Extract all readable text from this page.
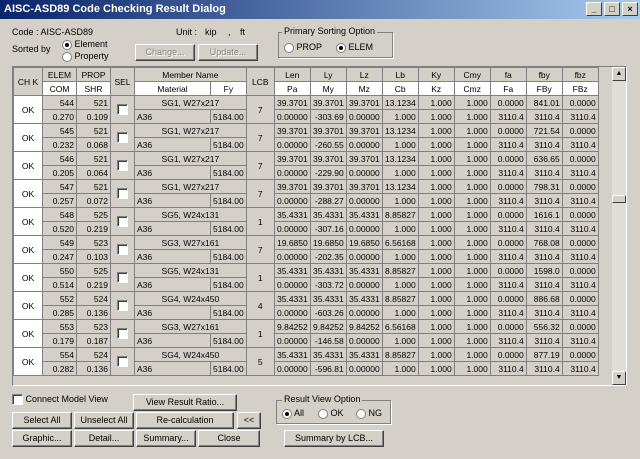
AISC-ASD89 Code Checking Result Dialog	_	□	×
Code : AISC-ASD89
Sorted by	Element
Property
Unit : kip , ft
Change...	Update...
Primary Sorting Option
PROP	ELEM
CH K	ELEM	PROP	SEL	Member Name		LCB	Len	Ly	Lz	Lb	Ky	Cmy	fa	fby	fbz
	COM	SHR		Material	Fy		Pa	My	Mz	Cb	Kz	Cmz	Fa	FBy	FBz
OK	544	521		SG1, W27x217		7	39.3701	39.3701	39.3701	13.1234	1.000	1.000	0.0000	841.01	0.0000
	0.270	0.109		A36	5184.00		0.00000	-303.69	0.00000	1.000	1.000	1.000	3110.4	3110.4	3110.4
OK	545	521		SG1, W27x217		7	39.3701	39.3701	39.3701	13.1234	1.000	1.000	0.0000	721.54	0.0000
	0.232	0.068		A36	5184.00		0.00000	-260.55	0.00000	1.000	1.000	1.000	3110.4	3110.4	3110.4
OK	546	521		SG1, W27x217		7	39.3701	39.3701	39.3701	13.1234	1.000	1.000	0.0000	636.65	0.0000
	0.205	0.064		A36	5184.00		0.00000	-229.90	0.00000	1.000	1.000	1.000	3110.4	3110.4	3110.4
OK	547	521		SG1, W27x217		7	39.3701	39.3701	39.3701	13.1234	1.000	1.000	0.0000	798.31	0.0000
	0.257	0.072		A36	5184.00		0.00000	-288.27	0.00000	1.000	1.000	1.000	3110.4	3110.4	3110.4
OK	548	525		SG5, W24x131		1	35.4331	35.4331	35.4331	8.85827	1.000	1.000	0.0000	1616.1	0.0000
	0.520	0.219		A36	5184.00		0.00000	-307.16	0.00000	1.000	1.000	1.000	3110.4	3110.4	3110.4
OK	549	523		SG3, W27x161		7	19.6850	19.6850	19.6850	6.56168	1.000	1.000	0.0000	768.08	0.0000
	0.247	0.103		A36	5184.00		0.00000	-202.35	0.00000	1.000	1.000	1.000	3110.4	3110.4	3110.4
OK	550	525		SG5, W24x131		1	35.4331	35.4331	35.4331	8.85827	1.000	1.000	0.0000	1598.0	0.0000
	0.514	0.219		A36	5184.00		0.00000	-303.72	0.00000	1.000	1.000	1.000	3110.4	3110.4	3110.4
OK	552	524		SG4, W24x450		4	35.4331	35.4331	35.4331	8.85827	1.000	1.000	0.0000	886.68	0.0000
	0.285	0.136		A36	5184.00		0.00000	-603.26	0.00000	1.000	1.000	1.000	3110.4	3110.4	3110.4
OK	553	523		SG3, W27x161		1	9.84252	9.84252	9.84252	6.56168	1.000	1.000	0.0000	556.32	0.0000
	0.179	0.187		A36	5184.00		0.00000	-146.58	0.00000	1.000	1.000	1.000	3110.4	3110.4	3110.4
OK	554	524		SG4, W24x450		5	35.4331	35.4331	35.4331	8.85827	1.000	1.000	0.0000	877.19	0.0000
	0.282	0.136		A36	5184.00		0.00000	-596.81	0.00000	1.000	1.000	1.000	3110.4	3110.4	3110.4
▲
▼
Connect Model View	View Result Ratio...
Select All	Unselect All	Re-calculation	<<
Graphic...	Detail...	Summary...	Close
Result View Option
All	OK	NG
Summary by LCB...
